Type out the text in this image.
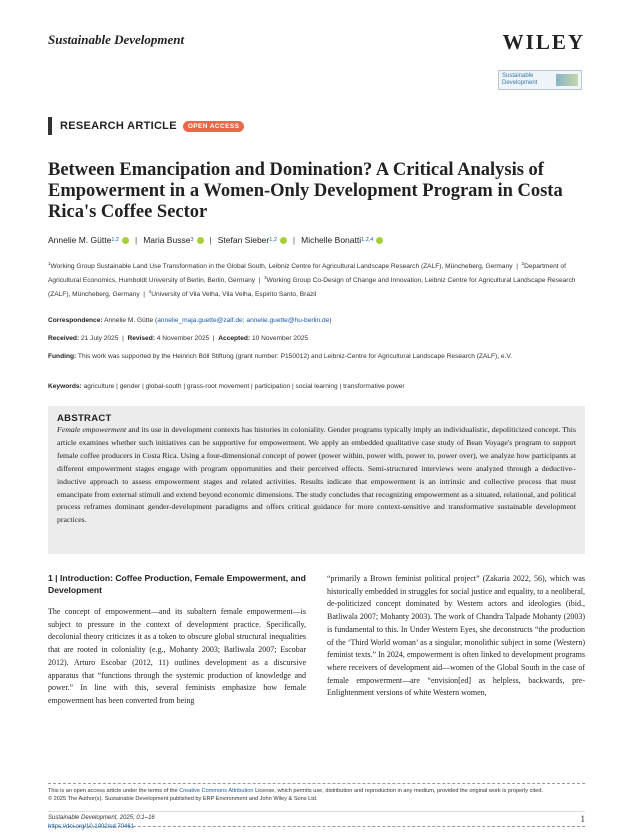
Sustainable Development	WILEY
Sustainable Development
RESEARCH ARTICLE	OPEN ACCESS
Between Emancipation and Domination? A Critical Analysis of Empowerment in a Women-Only Development Program in Costa Rica's Coffee Sector
Annelie M. Gütte 1,2 | Maria Busse 3 | Stefan Sieber 1,2 | Michelle Bonatti 1,2,4
$^1$Working Group Sustainable Land Use Transformation in the Global South, Leibniz Centre for Agricultural Landscape Research (ZALF), Müncheberg, Germany  |  $^2$Department of Agricultural Economics, Humboldt University of Berlin, Berlin, Germany  |  $^3$Working Group Co-Design of Change and Innovation, Leibniz Centre for Agricultural Landscape Research (ZALF), Müncheberg, Germany  |  $^4$University of Vila Velha, Vila Velha, Espirito Santo, Brazil
Correspondence: Annelie M. Gütte (annelie_maja.guette@zalf.de; annelie.guette@hu-berlin.de)
Received: 21 July 2025  |  Revised: 4 November 2025  |  Accepted: 10 November 2025
Funding: This work was supported by the Heinrich Böll Stiftung (grant number: P150012) and Leibniz-Centre for Agricultural Landscape Research (ZALF), e.V.
Keywords: agriculture | gender | global-south | grass-root movement | participation | social learning | transformative power
ABSTRACT
Female empowerment and its use in development contexts has histories in coloniality. Gender programs typically imply an individualistic, depoliticized concept. This article examines whether such initiatives can be supportive for empowerment. We apply an embedded qualitative case study of Bean Voyage's program to support female coffee producers in Costa Rica. Using a four-dimensional concept of power (power within, power with, power to, power over), we analyze how participants at different empowerment stages engage with program opportunities and their perceived effects. Semi-structured interviews were analyzed through a deductive–inductive approach to assess empowerment stages and related activities. Results indicate that empowerment is an intrinsic and collective process that must emancipate from external stimuli and extend beyond economic dimensions. The study concludes that recognizing empowerment as a situated, relational, and political process reframes dominant gender-development paradigms and offers critical guidance for more context-sensitive and transformative sustainable development practices.
1 | Introduction: Coffee Production, Female Empowerment, and Development
The concept of empowerment—and its subaltern female empowerment—is subject to pressure in the context of development practice. Specifically, decolonial theory criticizes it as a token to obscure global structural inequalities that are rooted in coloniality (e.g., Mohanty 2003; Batliwala 2007; Escobar 2012). Arturo Escobar (2012, 11) outlines development as a discursive apparatus that “functions through the systemic production of knowledge and power.” In line with this, several feminists emphasize how female empowerment has been converted from being
“primarily a Brown feminist political project” (Zakaria 2022, 56), which was historically embedded in struggles for social justice and equality, to a neoliberal, de-politicized concept dominated by Western actors and ideologies (ibid., Batliwala 2007; Mohanty 2003). The work of Chandra Talpade Mohanty (2003) is fundamental to this. In Under Western Eyes, she deconstructs “the production of the ‘Third World woman’ as a singular, monolithic subject in some (Western) feminist texts.” In 2024, empowerment is often linked to development programs where receivers of development aid—women of the Global South in the case of female empowerment—are “envision[ed] as helpless, backwards, pre-Enlightenment versions of white Western women,
This is an open access article under the terms of the Creative Commons Attribution License, which permits use, distribution and reproduction in any medium, provided the original work is properly cited.
© 2025 The Author(s). Sustainable Development published by ERP Environment and John Wiley & Sons Ltd.
Sustainable Development, 2025; 0:1–16
https://doi.org/10.1002/sd.70461
1
